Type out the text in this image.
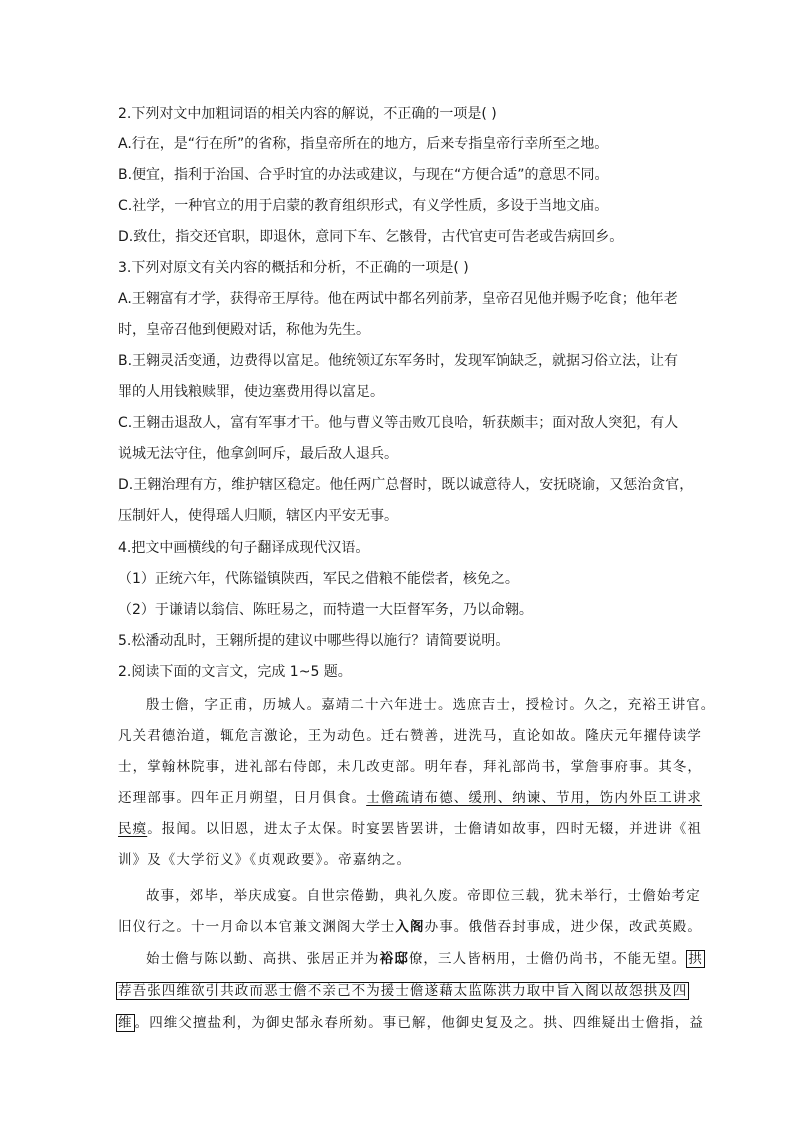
2.下列对文中加粗词语的相关内容的解说，不正确的一项是( )
A.行在，是“行在所”的省称，指皇帝所在的地方，后来专指皇帝行幸所至之地。
B.便宜，指利于治国、合乎时宜的办法或建议，与现在“方便合适”的意思不同。
C.社学，一种官立的用于启蒙的教育组织形式，有义学性质，多设于当地文庙。
D.致仕，指交还官职，即退休，意同下车、乞骸骨，古代官吏可告老或告病回乡。
3.下列对原文有关内容的概括和分析，不正确的一项是( )
A.王翱富有才学，获得帝王厚待。他在两试中都名列前茅，皇帝召见他并赐予吃食；他年老
时，皇帝召他到便殿对话，称他为先生。
B.王翱灵活变通，边费得以富足。他统领辽东军务时，发现军饷缺乏，就据习俗立法，让有
罪的人用钱粮赎罪，使边塞费用得以富足。
C.王翱击退敌人，富有军事才干。他与曹义等击败兀良哈，斩获颇丰；面对敌人突犯，有人
说城无法守住，他拿剑呵斥，最后敌人退兵。
D.王翱治理有方，维护辖区稳定。他任两广总督时，既以诚意待人，安抚晓谕，又惩治贪官，
压制奸人，使得瑶人归顺，辖区内平安无事。
4.把文中画横线的句子翻译成现代汉语。
（1）正统六年，代陈镒镇陕西，军民之借粮不能偿者，核免之。
（2）于谦请以翁信、陈旺易之，而特遣一大臣督军务，乃以命翱。
5.松潘动乱时，王翱所提的建议中哪些得以施行？请简要说明。
2.阅读下面的文言文，完成 1~5 题。
殷士儋，字正甫，历城人。嘉靖二十六年进士。选庶吉士，授检讨。久之，充裕王讲官。
凡关君德治道，辄危言激论，王为动色。迁右赞善，进洗马，直论如故。隆庆元年擢侍读学
士，掌翰林院事，进礼部右侍郎，未几改吏部。明年春，拜礼部尚书，掌詹事府事。其冬，
还理部事。四年正月朔望，日月俱食。士儋疏请布德、缓刑、纳谏、节用，饬内外臣工讲求
民瘼。报闻。以旧恩，进太子太保。时宴罢皆罢讲，士儋请如故事，四时无辍，并进讲《祖
训》及《大学衍义》《贞观政要》。帝嘉纳之。
故事，郊毕，举庆成宴。自世宗倦勤，典礼久废。帝即位三载，犹未举行，士儋始考定
旧仪行之。十一月命以本官兼文渊阁大学士入阁办事。俄偕吞封事成，进少保，改武英殿。
始士儋与陈以勤、高拱、张居正并为裕邸僚，三人皆柄用，士儋仍尚书，不能无望。 拱
荐吾张四维欲引共政而恶士儋不亲己不为援士儋遂藉太监陈洪力取中旨入阁以故怨拱及四
维 。四维父擅盐利，为御史郜永春所劾。事已解，他御史复及之。拱、四维疑出士儋指，益
